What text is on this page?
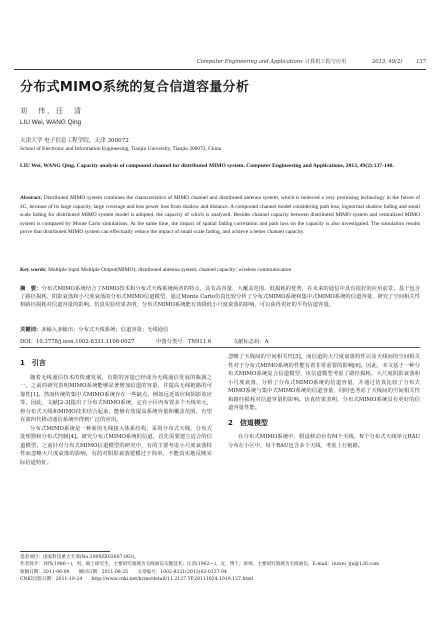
Computer Engineering and Applications 计算机工程与应用	2013, 49(2)	137
分布式MIMO系统的复合信道容量分析
刘　伟，汪　清
LIU Wei, WANG Qing
天津大学 电子信息工程学院，天津 300072
School of Electronic and Information Engineering, Tianjin University, Tianjin 300072, China
LIU Wei, WANG Qing. Capacity analysis of compound channel for distributed MIMO system. Computer Engineering and Applications, 2013, 49(2):137-140.
Abstract: Distributed MIMO system combines the characteristics of MIMO channel and distributed antenna system, which is believed a very promising technology in the future of 4G, because of its large capacity, large coverage and less power loss from shadow and distance. A compound channel model considering path loss, lognormal shadow fading and small scale fading for distributed MIMO system model is adopted, the capacity of which is analyzed. Besides channel capacity between distributed MIMO system and centralized MIMO system is compared by Monte Carlo simulations. At the same time, the impact of spatial fading correlation and path loss on the capacity is also investigated. The simulation results prove that distributed MIMO system can effectually reduce the impact of small scale fading, and achieve a better channel capacity.
Key words: Multiple Input Multiple Output(MIMO); distributed antenna system; channel capacity; wireless communication
摘　要：分布式MIMO系统结合了MIMO技术和分布式天线系统两者的特点，具有高容量、大覆盖范围、低损耗的优势，在未来的通信中具有很好的应用前景。基于包含了路径损耗、阴影衰落和小尺度衰落的分布式MIMO信道模型，通过Monte Carlo仿真比较分析了分布式MIMO系统和集中式MIMO系统的信道容量，研究了空间相关性和路径损耗对信道容量的影响。仿真实验结果表明，分布式MIMO系统能有效降低小尺度衰落的影响，可以获得更好的平均信道容量。
关键词：多输入多输出；分布式天线系统；信道容量；无线通信
DOI：10.3778/j.issn.1002-8331.1106-0027	中图分类号：TN911.6	文献标志码：A
1　引言

随着无线通信技术的快速发展，有限的容量已经成为无线通信发展的瓶颈之一。之前的研究表明MIMO系统能够显著增加信道的容量，并提高无线链路的可靠性[1]。然而传统的集中式MIMO系统存在一些缺点，例如远近效应和阴影效应等。因此，文献[2-3]提出了分布式MIMO系统，它在小区内布置多个天线单元，将分布式天线和MIMO技术结合起来，能够有效提高系统容量和覆盖范围，有望在第四代移动通信系统中得到广泛的应用。

分布式MIMO系统是一种新的无线接入体系结构，采用分布式天线，分布式处理器和分布式控制[4]。研究分布式MIMO系统的信道，首先需要建立适合的信道模型。之前针对分布式MIMO信道模型的研究中，有的主要考虑小尺度衰落特性而忽略大尺度衰落的影响，有的对阴影衰落建模过于简单，不能真实地反映实际信道特征。

忽略了天线间的空间相关性[5]，而信道的大尺度衰落特性以及天线间的空间相关性对于分布式MIMO系统的性能有着非常重要的影响[6]。因此，本文基于一种分布式MIMO系统复合信道模型，该信道模型考虑了路径损耗、大尺度阴影衰落和小尺度衰落，分析了分布式MIMO系统的信道容量，并通过仿真比较了分布式MIMO系统与集中式MIMO系统的信道容量，同时也考虑了天线间的空间相关性和路径损耗对信道容量的影响。仿真结果表明，分布式MIMO系统具有更好的信道容量性能。

2　信道模型

在分布式MIMO系统中，假设移动台有M个天线，N个分布式天线单元RAU分布在小区中，每个RAU包含多个天线，考虑上行链路。

基金项目：国家科技重大专项(No.2009ZX03007-003)。
作者简介：刘伟(1986—)，男，硕士研究生，主要研究领域为无线通信关键技术；汪清(1962—)，女，博士，讲师，主要研究领域为无线通信。E-mail：liuwei_tju@126.com
收稿日期：2011-06-09　　修回日期：2011-08-25　　文章编号：1002-8331(2013)02-0137-04
CNKI出版日期：2011-10-24　　http://www.cnki.net/kcms/detail/11.2127.TP.20111024.1019.127.html
